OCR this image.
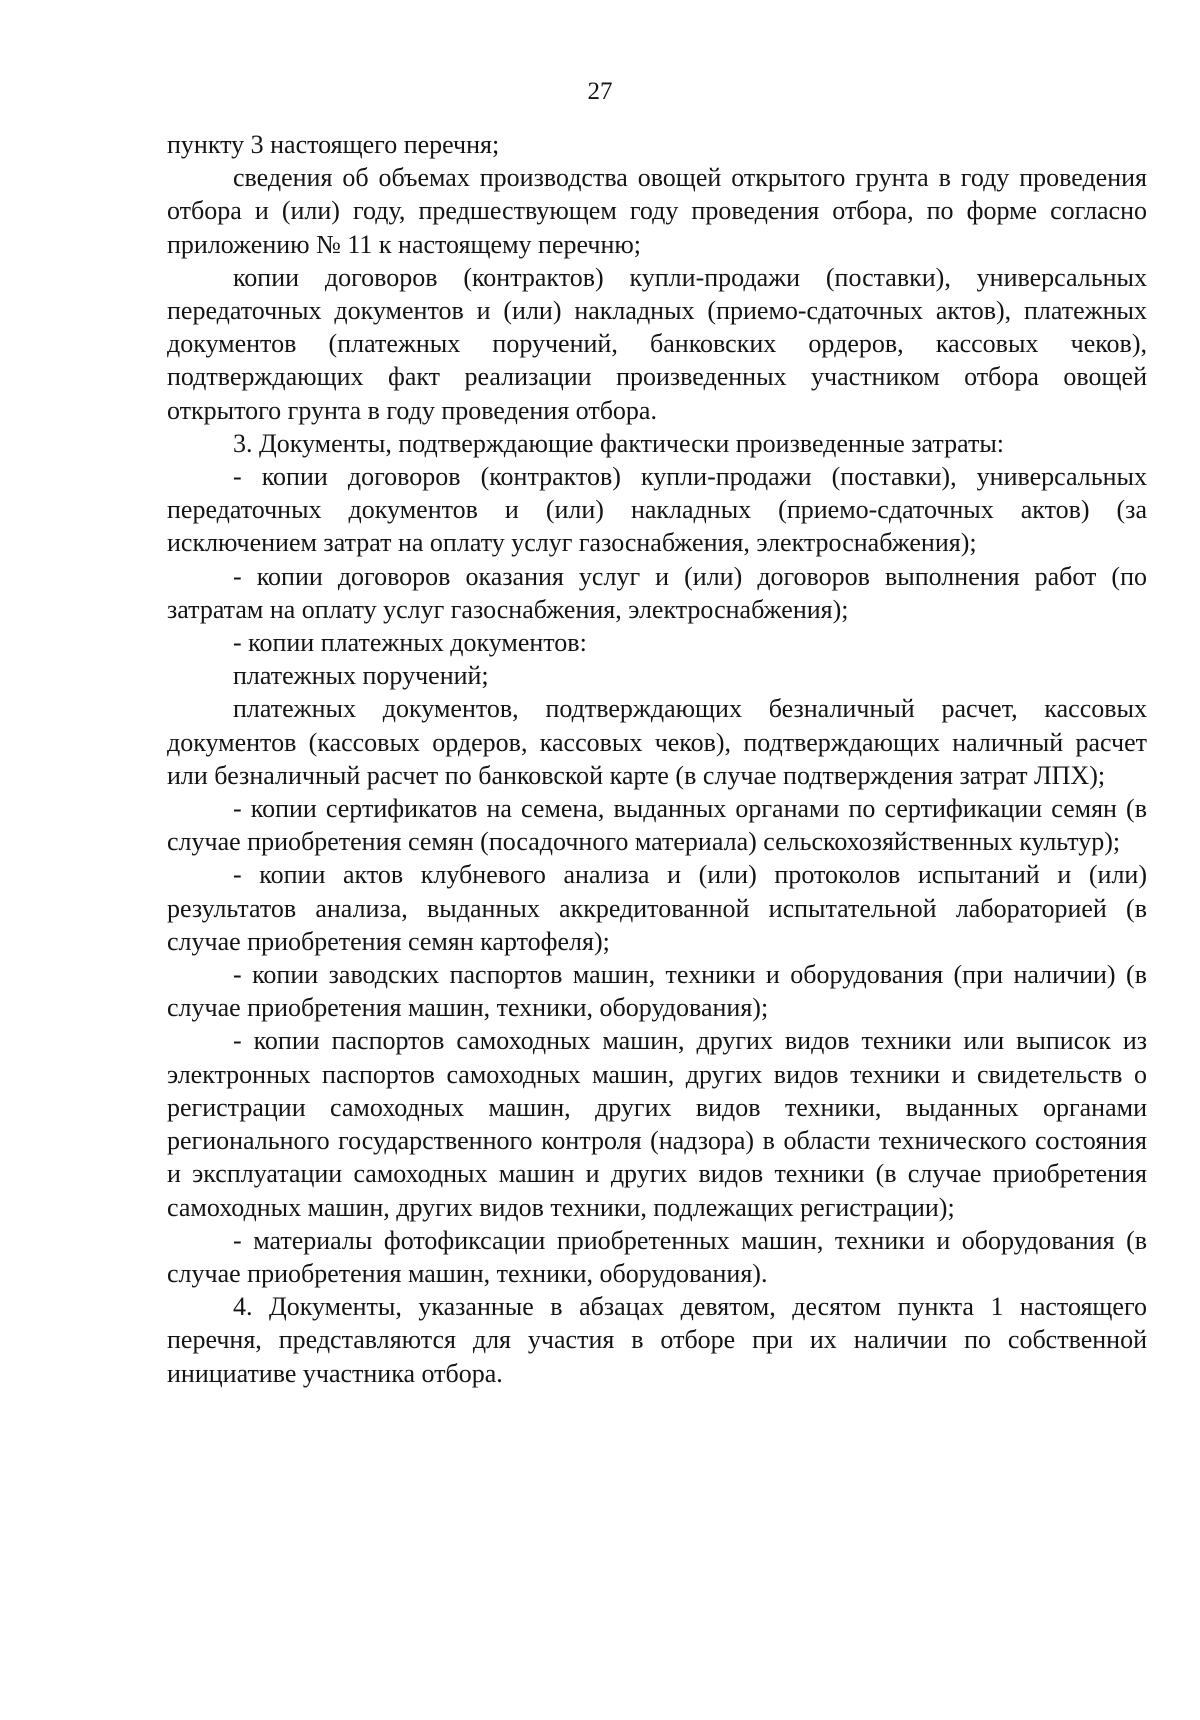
27

пункту 3 настоящего перечня;

сведения об объемах производства овощей открытого грунта в году проведения отбора и (или) году, предшествующем году проведения отбора, по форме согласно приложению № 11 к настоящему перечню;

копии договоров (контрактов) купли-продажи (поставки), универсальных передаточных документов и (или) накладных (приемо-сдаточных актов), платежных документов (платежных поручений, банковских ордеров, кассовых чеков), подтверждающих факт реализации произведенных участником отбора овощей открытого грунта в году проведения отбора.

3. Документы, подтверждающие фактически произведенные затраты:

- копии договоров (контрактов) купли-продажи (поставки), универсальных передаточных документов и (или) накладных (приемо-сдаточных актов) (за исключением затрат на оплату услуг газоснабжения, электроснабжения);

- копии договоров оказания услуг и (или) договоров выполнения работ (по затратам на оплату услуг газоснабжения, электроснабжения);

- копии платежных документов:

платежных поручений;

платежных документов, подтверждающих безналичный расчет, кассовых документов (кассовых ордеров, кассовых чеков), подтверждающих наличный расчет или безналичный расчет по банковской карте (в случае подтверждения затрат ЛПХ);

- копии сертификатов на семена, выданных органами по сертификации семян (в случае приобретения семян (посадочного материала) сельскохозяйственных культур);

- копии актов клубневого анализа и (или) протоколов испытаний и (или) результатов анализа, выданных аккредитованной испытательной лабораторией (в случае приобретения семян картофеля);

- копии заводских паспортов машин, техники и оборудования (при наличии) (в случае приобретения машин, техники, оборудования);

- копии паспортов самоходных машин, других видов техники или выписок из электронных паспортов самоходных машин, других видов техники и свидетельств о регистрации самоходных машин, других видов техники, выданных органами регионального государственного контроля (надзора) в области технического состояния и эксплуатации самоходных машин и других видов техники (в случае приобретения самоходных машин, других видов техники, подлежащих регистрации);

- материалы фотофиксации приобретенных машин, техники и оборудования (в случае приобретения машин, техники, оборудования).

4. Документы, указанные в абзацах девятом, десятом пункта 1 настоящего перечня, представляются для участия в отборе при их наличии по собственной инициативе участника отбора.
